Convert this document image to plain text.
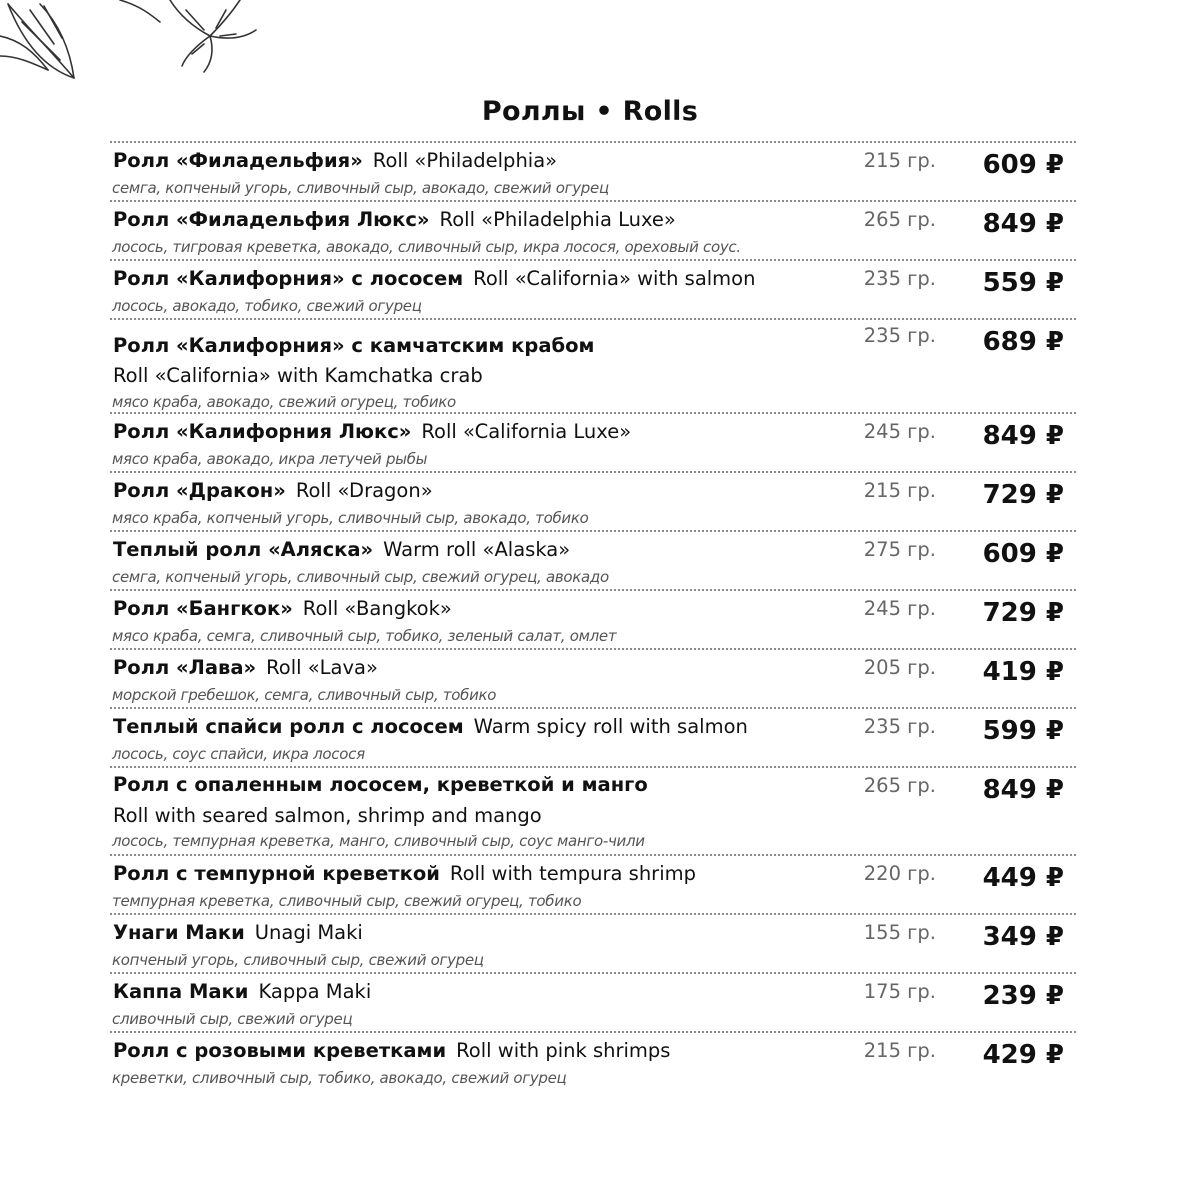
Роллы • Rolls
Ролл «Филадельфия» Roll «Philadelphia»
семга, копченый угорь, сливочный сыр, авокадо, свежий огурец
215 гр. 609 ₽
Ролл «Филадельфия Люкс» Roll «Philadelphia Luxe»
лосось, тигровая креветка, авокадо, сливочный сыр, икра лосося, ореховый соус.
265 гр. 849 ₽
Ролл «Калифорния» с лососем Roll «California» with salmon
лосось, авокадо, тобико, свежий огурец
235 гр. 559 ₽
Ролл «Калифорния» с камчатским крабом
Roll «California» with Kamchatka crab
мясо краба, авокадо, свежий огурец, тобико
235 гр. 689 ₽
Ролл «Калифорния Люкс» Roll «California Luxe»
мясо краба, авокадо, икра летучей рыбы
245 гр. 849 ₽
Ролл «Дракон» Roll «Dragon»
мясо краба, копченый угорь, сливочный сыр, авокадо, тобико
215 гр. 729 ₽
Теплый ролл «Аляска» Warm roll «Alaska»
семга, копченый угорь, сливочный сыр, свежий огурец, авокадо
275 гр. 609 ₽
Ролл «Бангкок» Roll «Bangkok»
мясо краба, семга, сливочный сыр, тобико, зеленый салат, омлет
245 гр. 729 ₽
Ролл «Лава» Roll «Lava»
морской гребешок, семга, сливочный сыр, тобико
205 гр. 419 ₽
Теплый спайси ролл с лососем Warm spicy roll with salmon
лосось, соус спайси, икра лосося
235 гр. 599 ₽
Ролл с опаленным лососем, креветкой и манго
Roll with seared salmon, shrimp and mango
лосось, темпурная креветка, манго, сливочный сыр, соус манго-чили
265 гр. 849 ₽
Ролл с темпурной креветкой Roll with tempura shrimp
темпурная креветка, сливочный сыр, свежий огурец, тобико
220 гр. 449 ₽
Унаги Маки Unagi Maki
копченый угорь, сливочный сыр, свежий огурец
155 гр. 349 ₽
Каппа Маки Kappa Maki
сливочный сыр, свежий огурец
175 гр. 239 ₽
Ролл с розовыми креветками Roll with pink shrimps
креветки, сливочный сыр, тобико, авокадо, свежий огурец
215 гр. 429 ₽
